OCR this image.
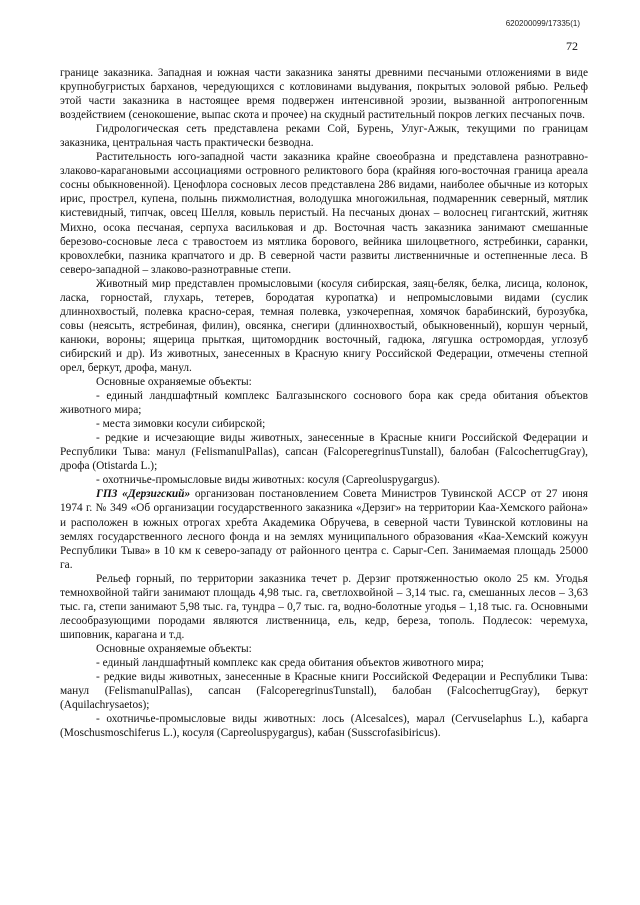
620200099/17335(1)
72

границе заказника. Западная и южная части заказника заняты древними песчаными отложениями в виде крупнобугристых барханов, чередующихся с котловинами выдувания, покрытых эоловой рябью. Рельеф этой части заказника в настоящее время подвержен интенсивной эрозии, вызванной антропогенным воздействием (сенокошение, выпас скота и прочее) на скудный растительный покров легких песчаных почв.

Гидрологическая сеть представлена реками Сой, Бурень, Улуг-Ажык, текущими по границам заказника, центральная часть практически безводна.

Растительность юго-западной части заказника крайне своеобразна и представлена разнотравно-злаково-карагановыми ассоциациями островного реликтового бора (крайняя юго-восточная граница ареала сосны обыкновенной). Ценофлора сосновых лесов представлена 286 видами, наиболее обычные из которых ирис, прострел, купена, полынь пижмолистная, володушка многожильная, подмаренник северный, мятлик кистевидный, типчак, овсец Шелля, ковыль перистый. На песчаных дюнах – волоснец гигантский, житняк Михно, осока песчаная, серпуха васильковая и др. Восточная часть заказника занимают смешанные березово-сосновые леса с травостоем из мятлика борового, вейника шилоцветного, ястребинки, саранки, кровохлебки, пазника крапчатого и др. В северной части развиты лиственничные и остепненные леса. В северо-западной – злаково-разнотравные степи.

Животный мир представлен промысловыми (косуля сибирская, заяц-беляк, белка, лисица, колонок, ласка, горностай, глухарь, тетерев, бородатая куропатка) и непромысловыми видами (суслик длиннохвостый, полевка красно-серая, темная полевка, узкочерепная, хомячок барабинский, бурозубка, совы (неясыть, ястребиная, филин), овсянка, снегири (длиннохвостый, обыкновенный), коршун черный, канюки, вороны; ящерица прыткая, щитомордник восточный, гадюка, лягушка остромордая, углозуб сибирский и др). Из животных, занесенных в Красную книгу Российской Федерации, отмечены степной орел, беркут, дрофа, манул.

Основные охраняемые объекты:

- единый ландшафтный комплекс Балгазынского соснового бора как среда обитания объектов животного мира;

- места зимовки косули сибирской;

- редкие и исчезающие виды животных, занесенные в Красные книги Российской Федерации и Республики Тыва: манул (FelismanulPallas), сапсан (FalcoperegrinusTunstall), балобан (FalcocherrugGray), дрофа (Otistarda L.);

- охотничье-промысловые виды животных: косуля (Capreoluspygargus).

ГПЗ «Дерзигский» организован постановлением Совета Министров Тувинской АССР от 27 июня 1974 г. № 349 «Об организации государственного заказника «Дерзиг» на территории Каа-Хемского района» и расположен в южных отрогах хребта Академика Обручева, в северной части Тувинской котловины на землях государственного лесного фонда и на землях муниципального образования «Каа-Хемский кожуун Республики Тыва» в 10 км к северо-западу от районного центра с. Сарыг-Сеп. Занимаемая площадь 25000 га.

Рельеф горный, по территории заказника течет р. Дерзиг протяженностью около 25 км. Угодья темнохвойной тайги занимают площадь 4,98 тыс. га, светлохвойной – 3,14 тыс. га, смешанных лесов – 3,63 тыс. га, степи занимают 5,98 тыс. га, тундра – 0,7 тыс. га, водно-болотные угодья – 1,18 тыс. га. Основными лесообразующими породами являются лиственница, ель, кедр, береза, тополь. Подлесок: черемуха, шиповник, карагана и т.д.

Основные охраняемые объекты:

- единый ландшафтный комплекс как среда обитания объектов животного мира;

- редкие виды животных, занесенные в Красные книги Российской Федерации и Республики Тыва: манул (FelismanulPallas), сапсан (FalcoperegrinusTunstall), балобан (FalcocherrugGray), беркут (Aquilachrysaetos);

- охотничье-промысловые виды животных: лось (Alcesalces), марал (Cervuselaphus L.), кабарга (Moschusmoschiferus L.), косуля (Capreoluspygargus), кабан (Susscrofasibiricus).
